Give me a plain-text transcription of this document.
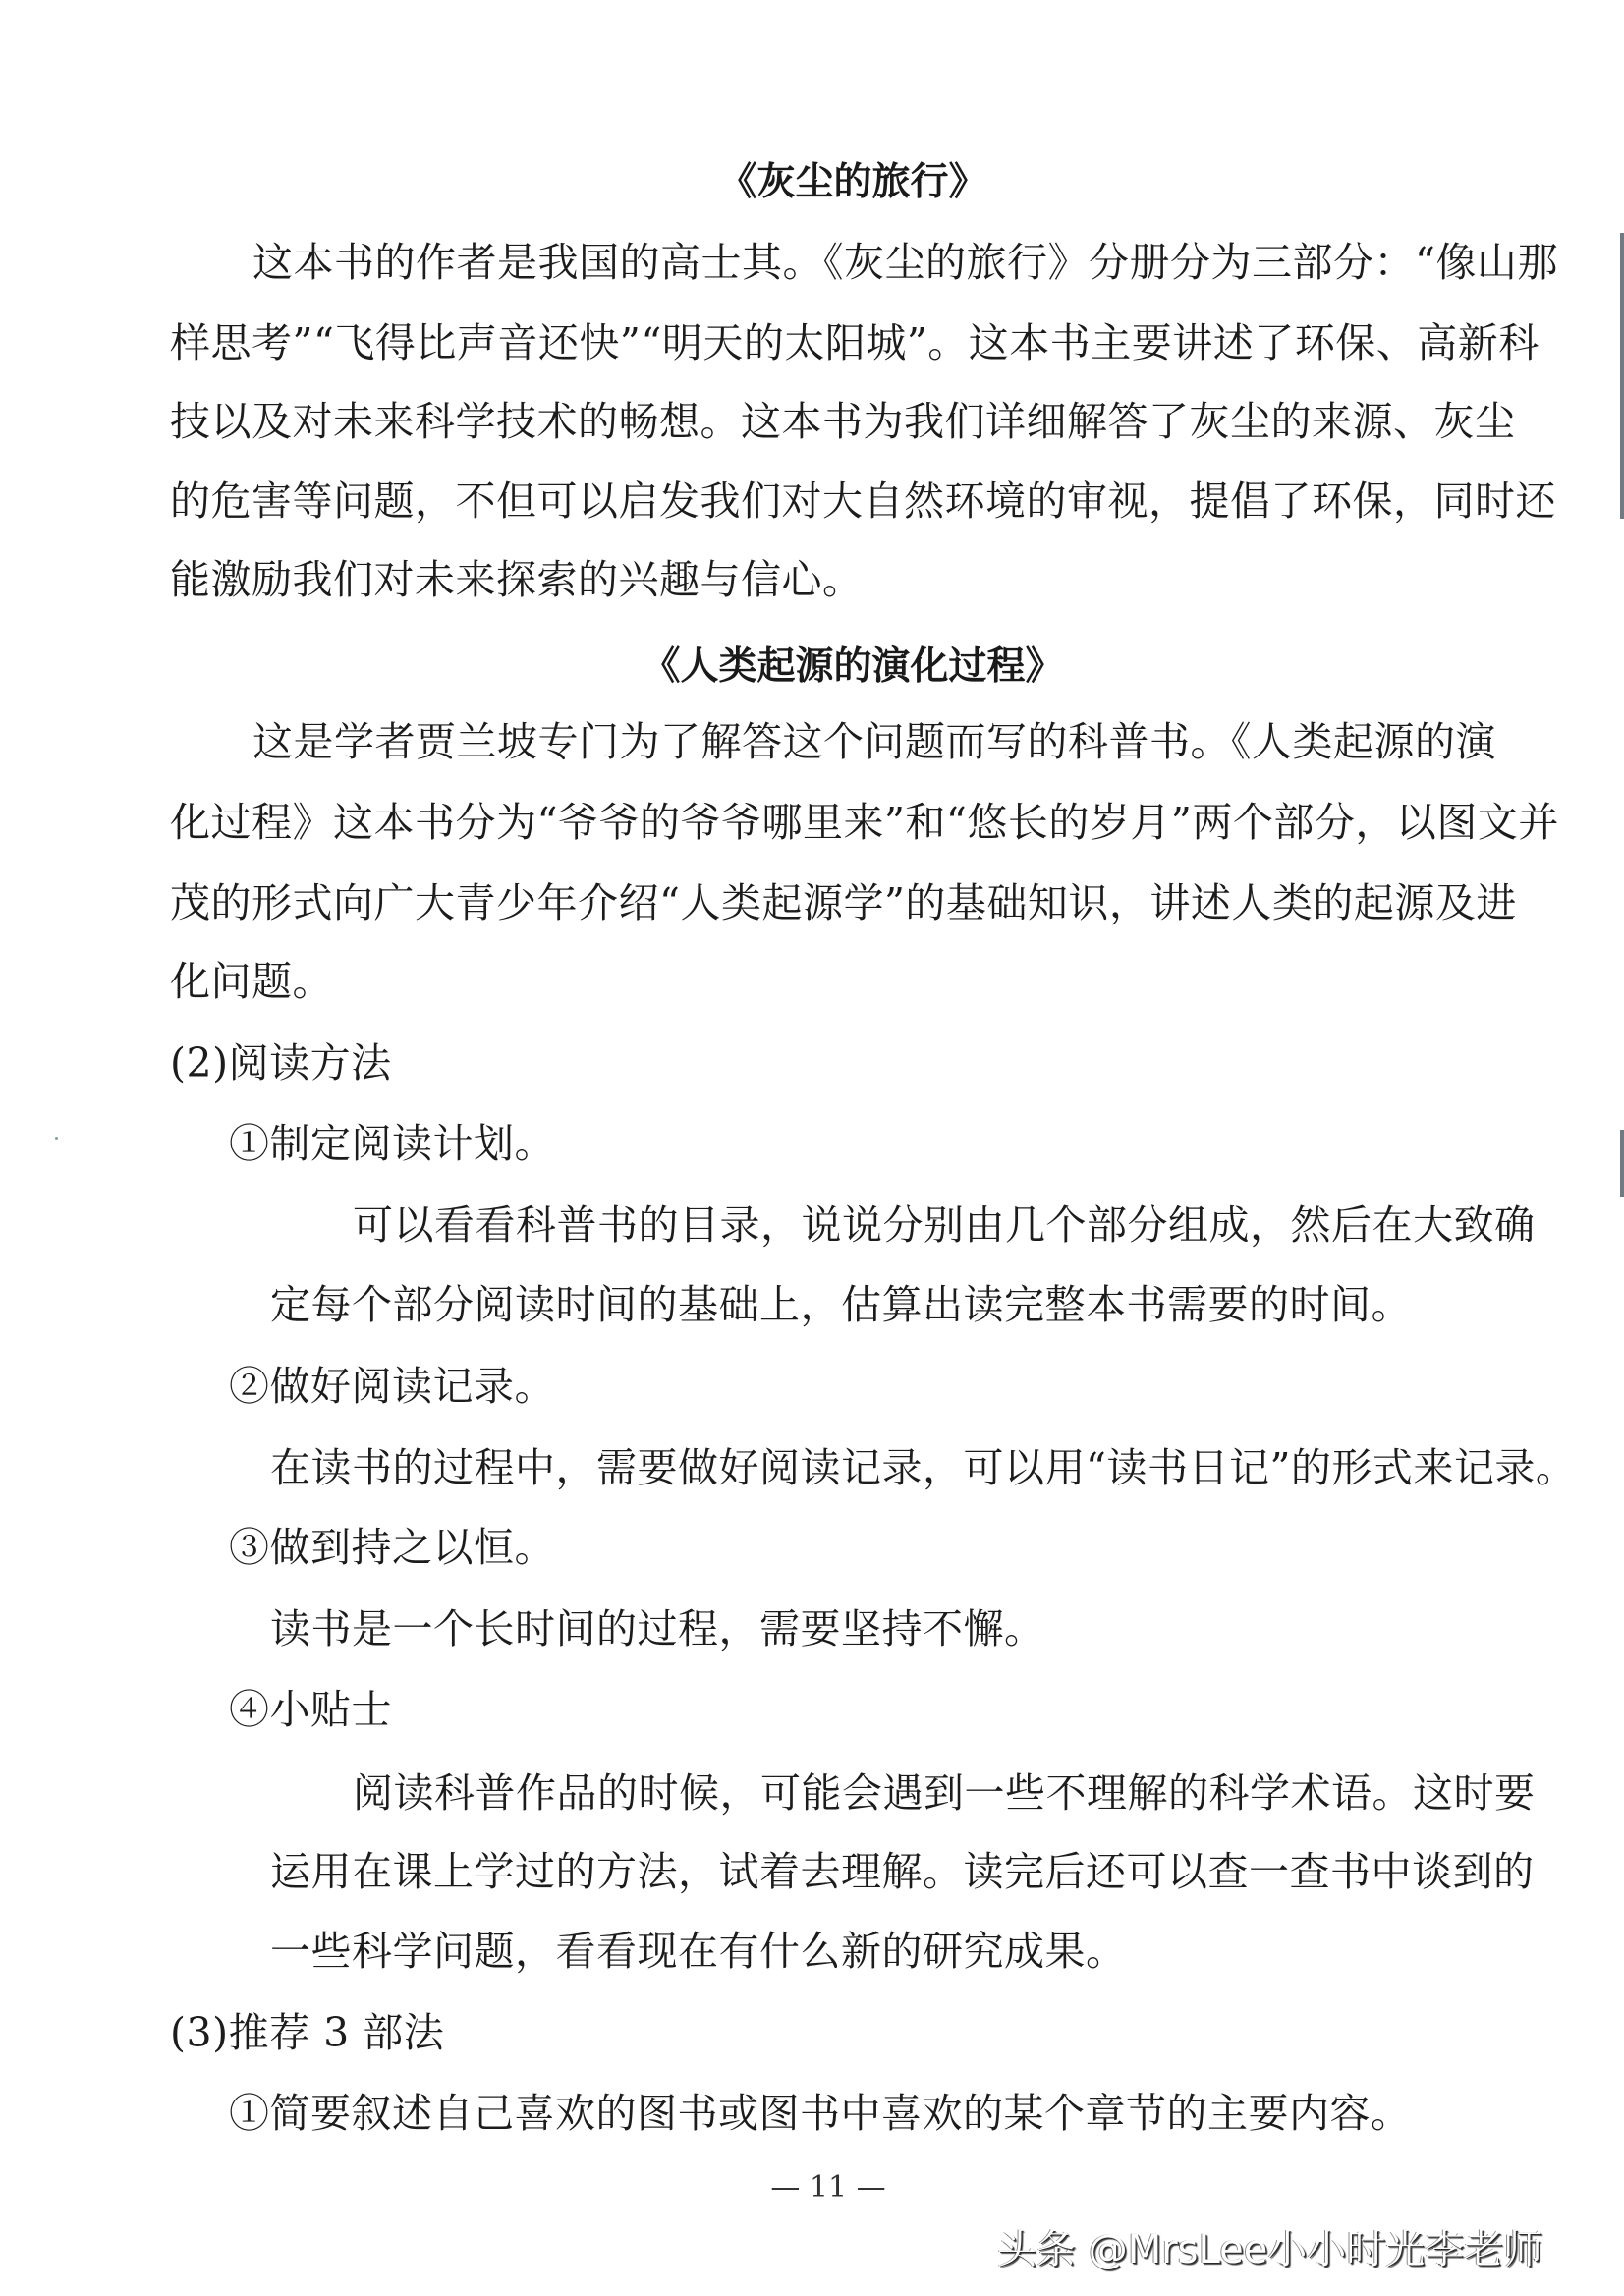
《灰尘的旅行》
这本书的作者是我国的高士其。《灰尘的旅行》分册分为三部分：“像山那
样思考”“飞得比声音还快”“明天的太阳城”。这本书主要讲述了环保、高新科
技以及对未来科学技术的畅想。这本书为我们详细解答了灰尘的来源、灰尘
的危害等问题，不但可以启发我们对大自然环境的审视，提倡了环保，同时还
能激励我们对未来探索的兴趣与信心。
《人类起源的演化过程》
这是学者贾兰坡专门为了解答这个问题而写的科普书。《人类起源的演
化过程》这本书分为“爷爷的爷爷哪里来”和“悠长的岁月”两个部分，以图文并
茂的形式向广大青少年介绍“人类起源学”的基础知识，讲述人类的起源及进
化问题。
(2)阅读方法
①制定阅读计划。
可以看看科普书的目录，说说分别由几个部分组成，然后在大致确
定每个部分阅读时间的基础上，估算出读完整本书需要的时间。
②做好阅读记录。
在读书的过程中，需要做好阅读记录，可以用“读书日记”的形式来记录。
③做到持之以恒。
读书是一个长时间的过程，需要坚持不懈。
④小贴士
阅读科普作品的时候，可能会遇到一些不理解的科学术语。这时要
运用在课上学过的方法，试着去理解。读完后还可以查一查书中谈到的
一些科学问题，看看现在有什么新的研究成果。
(3)推荐 3 部法
①简要叙述自己喜欢的图书或图书中喜欢的某个章节的主要内容。
— 11 —
头条 @MrsLee小小时光李老师
